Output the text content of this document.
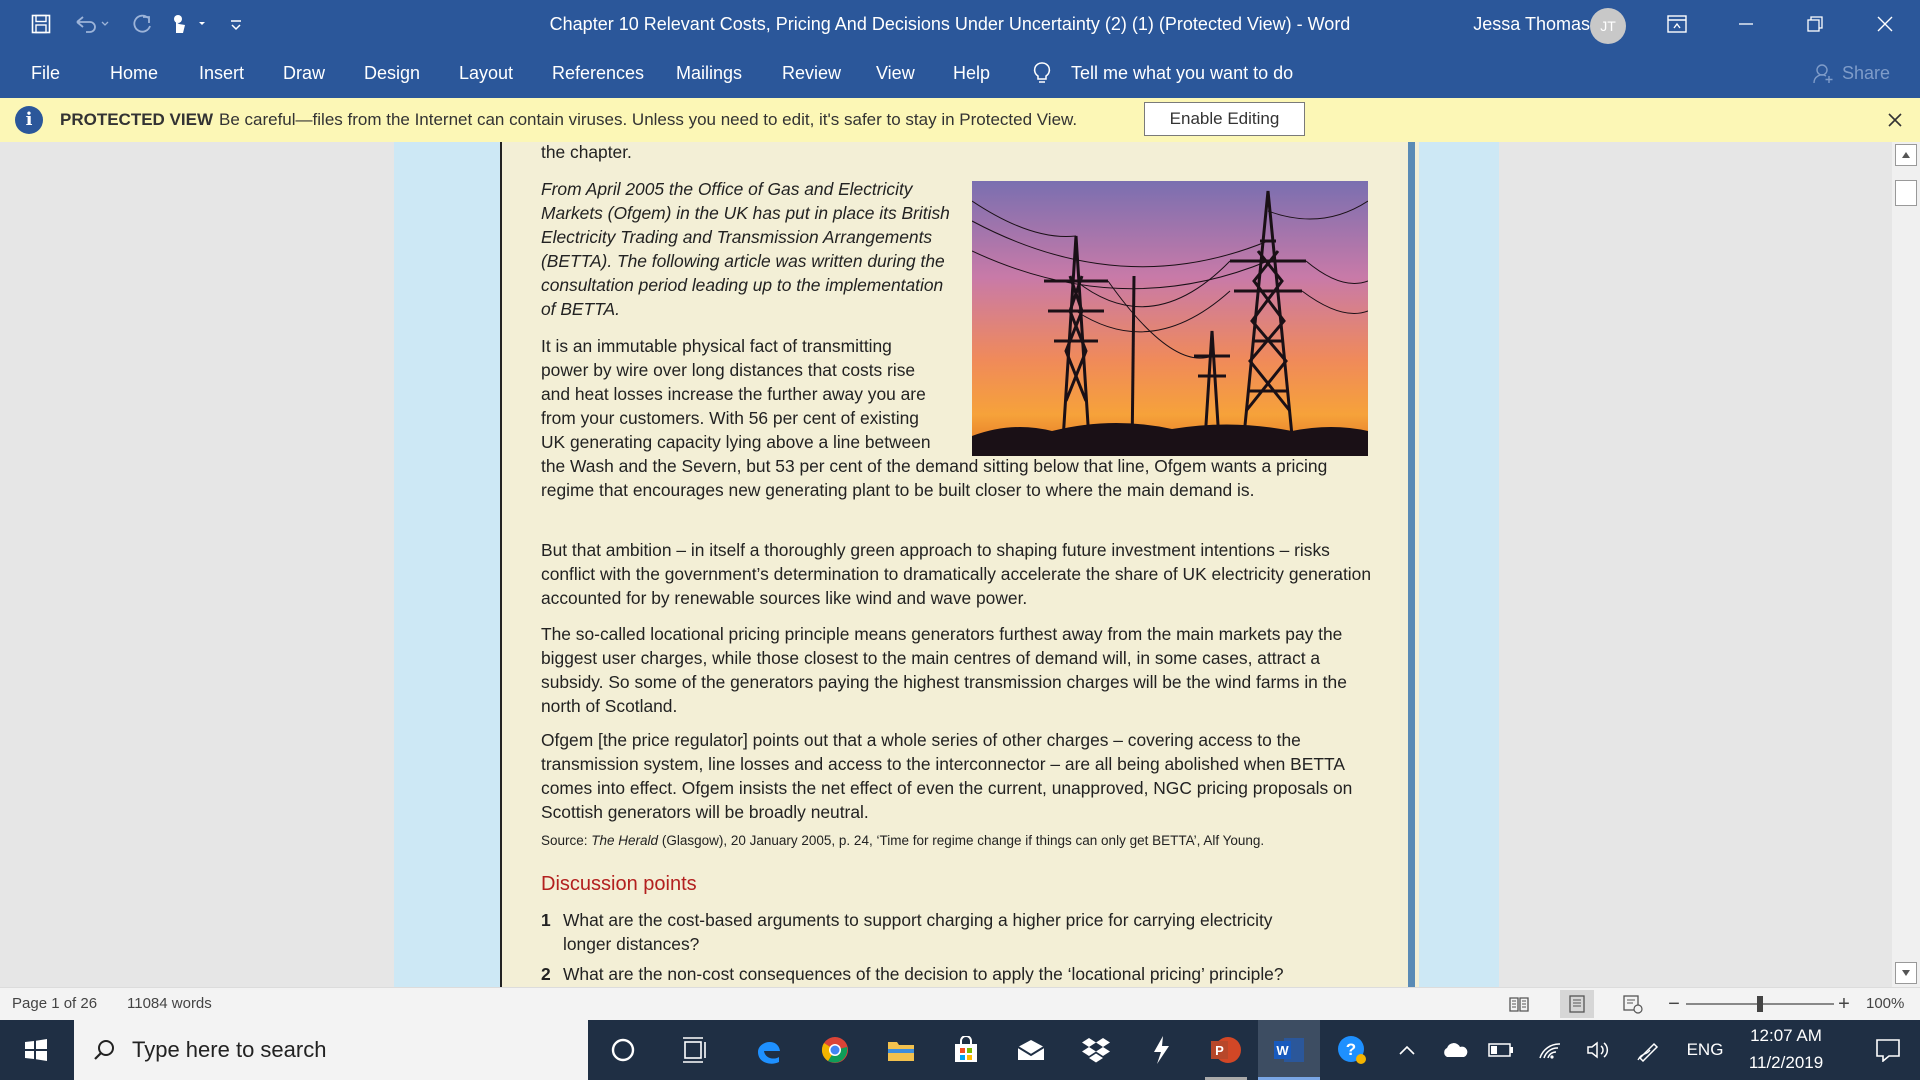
Chapter 10 Relevant Costs, Pricing And Decisions Under Uncertainty (2) (1) (Protected View) - Word	Jessa Thomas JT
File	Home Insert Draw Design Layout References Mailings Review View Help	Tell me what you want to do	Share
i	PROTECTED VIEW Be careful—files from the Internet can contain viruses. Unless you need to edit, it's safer to stay in Protected View.	Enable Editing
the chapter.

From April 2005 the Office of Gas and Electricity Markets (Ofgem) in the UK has put in place its British Electricity Trading and Transmission Arrangements (BETTA). The following article was written during the consultation period leading up to the implementation of BETTA.

It is an immutable physical fact of transmitting power by wire over long distances that costs rise and heat losses increase the further away you are from your customers. With 56 per cent of existing UK generating capacity lying above a line between the Wash and the Severn, but 53 per cent of the demand sitting below that line, Ofgem wants a pricing regime that encourages new generating plant to be built closer to where the main demand is.

But that ambition – in itself a thoroughly green approach to shaping future investment intentions – risks conflict with the government’s determination to dramatically accelerate the share of UK electricity generation accounted for by renewable sources like wind and wave power.

The so-called locational pricing principle means generators furthest away from the main markets pay the biggest user charges, while those closest to the main centres of demand will, in some cases, attract a subsidy. So some of the generators paying the highest transmission charges will be the wind farms in the north of Scotland.

Ofgem [the price regulator] points out that a whole series of other charges – covering access to the transmission system, line losses and access to the interconnector – are all being abolished when BETTA comes into effect. Ofgem insists the net effect of even the current, unapproved, NGC pricing proposals on Scottish generators will be broadly neutral.

Source: The Herald (Glasgow), 20 January 2005, p. 24, ‘Time for regime change if things can only get BETTA’, Alf Young.
Discussion points
1 What are the cost-based arguments to support charging a higher price for carrying electricity longer distances?
2 What are the non-cost consequences of the decision to apply the ‘locational pricing’ principle?
Page 1 of 26 11084 words	−	+ 100%
Type here to search	P	W	?	ENG
12:07 AM
11/2/2019
